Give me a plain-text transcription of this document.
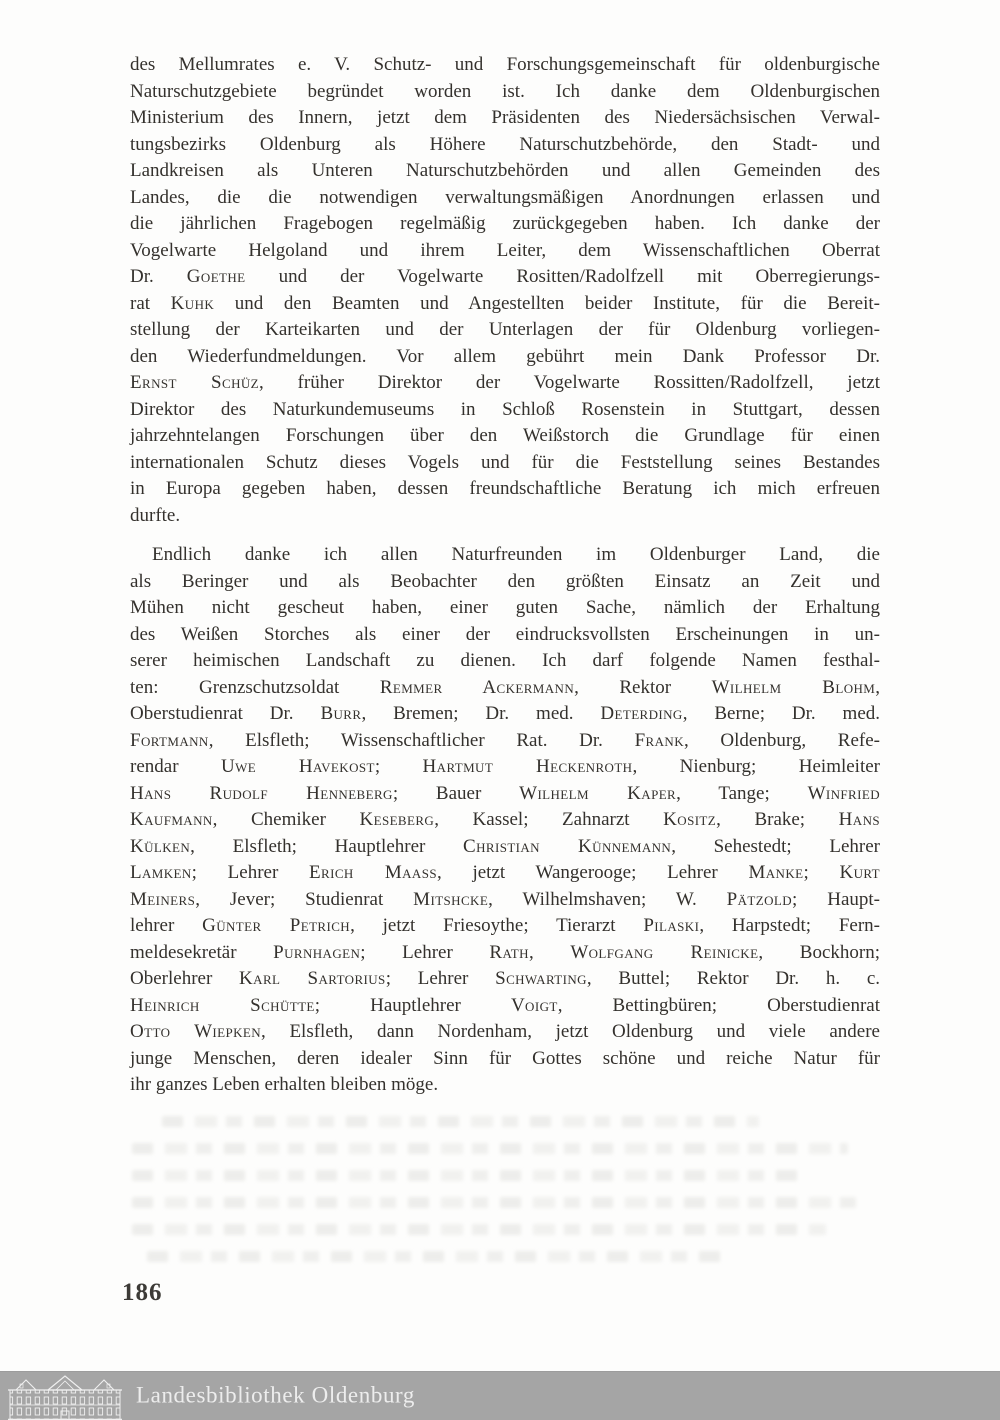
des Mellumrates e. V. Schutz- und Forschungsgemeinschaft für oldenburgische
Naturschutzgebiete begründet worden ist. Ich danke dem Oldenburgischen
Ministerium des Innern, jetzt dem Präsidenten des Niedersächsischen Verwal-
tungsbezirks Oldenburg als Höhere Naturschutzbehörde, den Stadt- und
Landkreisen als Unteren Naturschutzbehörden und allen Gemeinden des
Landes, die die notwendigen verwaltungsmäßigen Anordnungen erlassen und
die jährlichen Fragebogen regelmäßig zurückgegeben haben. Ich danke der
Vogelwarte Helgoland und ihrem Leiter, dem Wissenschaftlichen Oberrat
Dr. Goethe und der Vogelwarte Rositten/Radolfzell mit Oberregierungs-
rat Kuhk und den Beamten und Angestellten beider Institute, für die Bereit-
stellung der Karteikarten und der Unterlagen der für Oldenburg vorliegen-
den Wiederfundmeldungen. Vor allem gebührt mein Dank Professor Dr.
Ernst Schüz, früher Direktor der Vogelwarte Rossitten/Radolfzell, jetzt
Direktor des Naturkundemuseums in Schloß Rosenstein in Stuttgart, dessen
jahrzehntelangen Forschungen über den Weißstorch die Grundlage für einen
internationalen Schutz dieses Vogels und für die Feststellung seines Bestandes
in Europa gegeben haben, dessen freundschaftliche Beratung ich mich erfreuen
durfte.
Endlich danke ich allen Naturfreunden im Oldenburger Land, die
als Beringer und als Beobachter den größten Einsatz an Zeit und
Mühen nicht gescheut haben, einer guten Sache, nämlich der Erhaltung
des Weißen Storches als einer der eindrucksvollsten Erscheinungen in un-
serer heimischen Landschaft zu dienen. Ich darf folgende Namen festhal-
ten: Grenzschutzsoldat Remmer Ackermann, Rektor Wilhelm Blohm,
Oberstudienrat Dr. Burr, Bremen; Dr. med. Deterding, Berne; Dr. med.
Fortmann, Elsfleth; Wissenschaftlicher Rat. Dr. Frank, Oldenburg, Refe-
rendar Uwe Havekost; Hartmut Heckenroth, Nienburg; Heimleiter
Hans Rudolf Henneberg; Bauer Wilhelm Kaper, Tange; Winfried
Kaufmann, Chemiker Keseberg, Kassel; Zahnarzt Kositz, Brake; Hans
Külken, Elsfleth; Hauptlehrer Christian Künnemann, Sehestedt; Lehrer
Lamken; Lehrer Erich Maass, jetzt Wangerooge; Lehrer Manke; Kurt
Meiners, Jever; Studienrat Mitshcke, Wilhelmshaven; W. Pätzold; Haupt-
lehrer Günter Petrich, jetzt Friesoythe; Tierarzt Pilaski, Harpstedt; Fern-
meldesekretär Purnhagen; Lehrer Rath, Wolfgang Reinicke, Bockhorn;
Oberlehrer Karl Sartorius; Lehrer Schwarting, Buttel; Rektor Dr. h. c.
Heinrich Schütte; Hauptlehrer Voigt, Bettingbüren; Oberstudienrat
Otto Wiepken, Elsfleth, dann Nordenham, jetzt Oldenburg und viele andere
junge Menschen, deren idealer Sinn für Gottes schöne und reiche Natur für
ihr ganzes Leben erhalten bleiben möge.
186
Landesbibliothek Oldenburg
